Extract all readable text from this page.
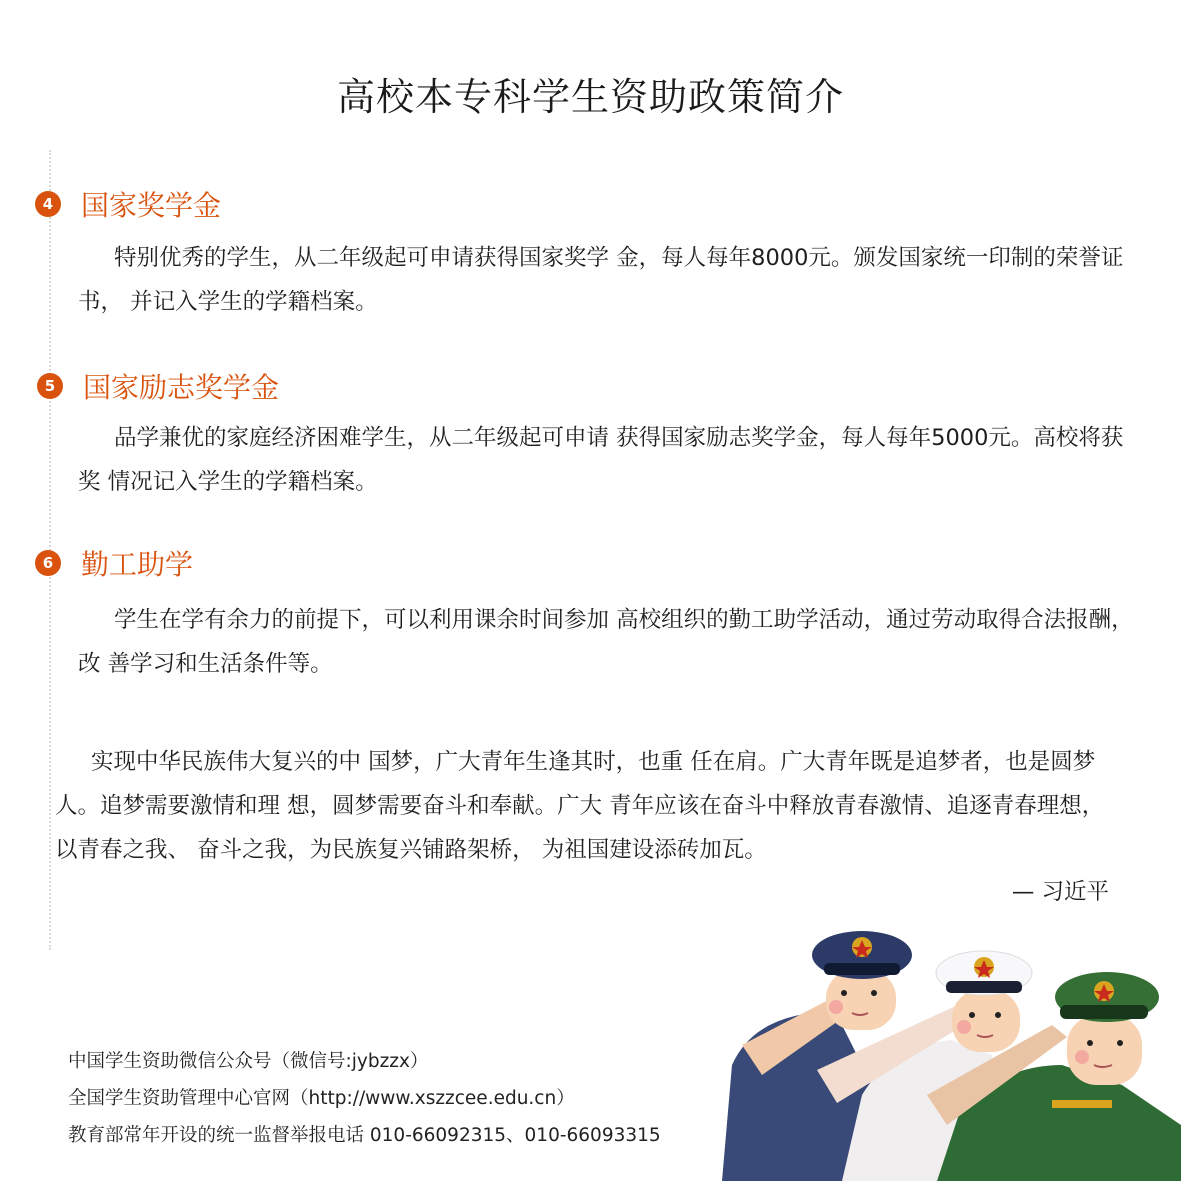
高校本专科学生资助政策简介
4 国家奖学金
特别优秀的学生，从二年级起可申请获得国家奖学 金，每人每年8000元。颁发国家统一印制的荣誉证书， 并记入学生的学籍档案。
5 国家励志奖学金
品学兼优的家庭经济困难学生，从二年级起可申请 获得国家励志奖学金，每人每年5000元。高校将获奖 情况记入学生的学籍档案。
6 勤工助学
学生在学有余力的前提下，可以利用课余时间参加 高校组织的勤工助学活动，通过劳动取得合法报酬，改 善学习和生活条件等。
实现中华民族伟大复兴的中 国梦，广大青年生逢其时，也重 任在肩。广大青年既是追梦者，也是圆梦人。追梦需要激情和理 想，圆梦需要奋斗和奉献。广大 青年应该在奋斗中释放青春激情、追逐青春理想，以青春之我、 奋斗之我，为民族复兴铺路架桥， 为祖国建设添砖加瓦。
— 习近平
中国学生资助微信公众号（微信号:jybzzx）
全国学生资助管理中心官网（http://www.xszzcee.edu.cn）
教育部常年开设的统一监督举报电话 010-66092315、010-66093315
